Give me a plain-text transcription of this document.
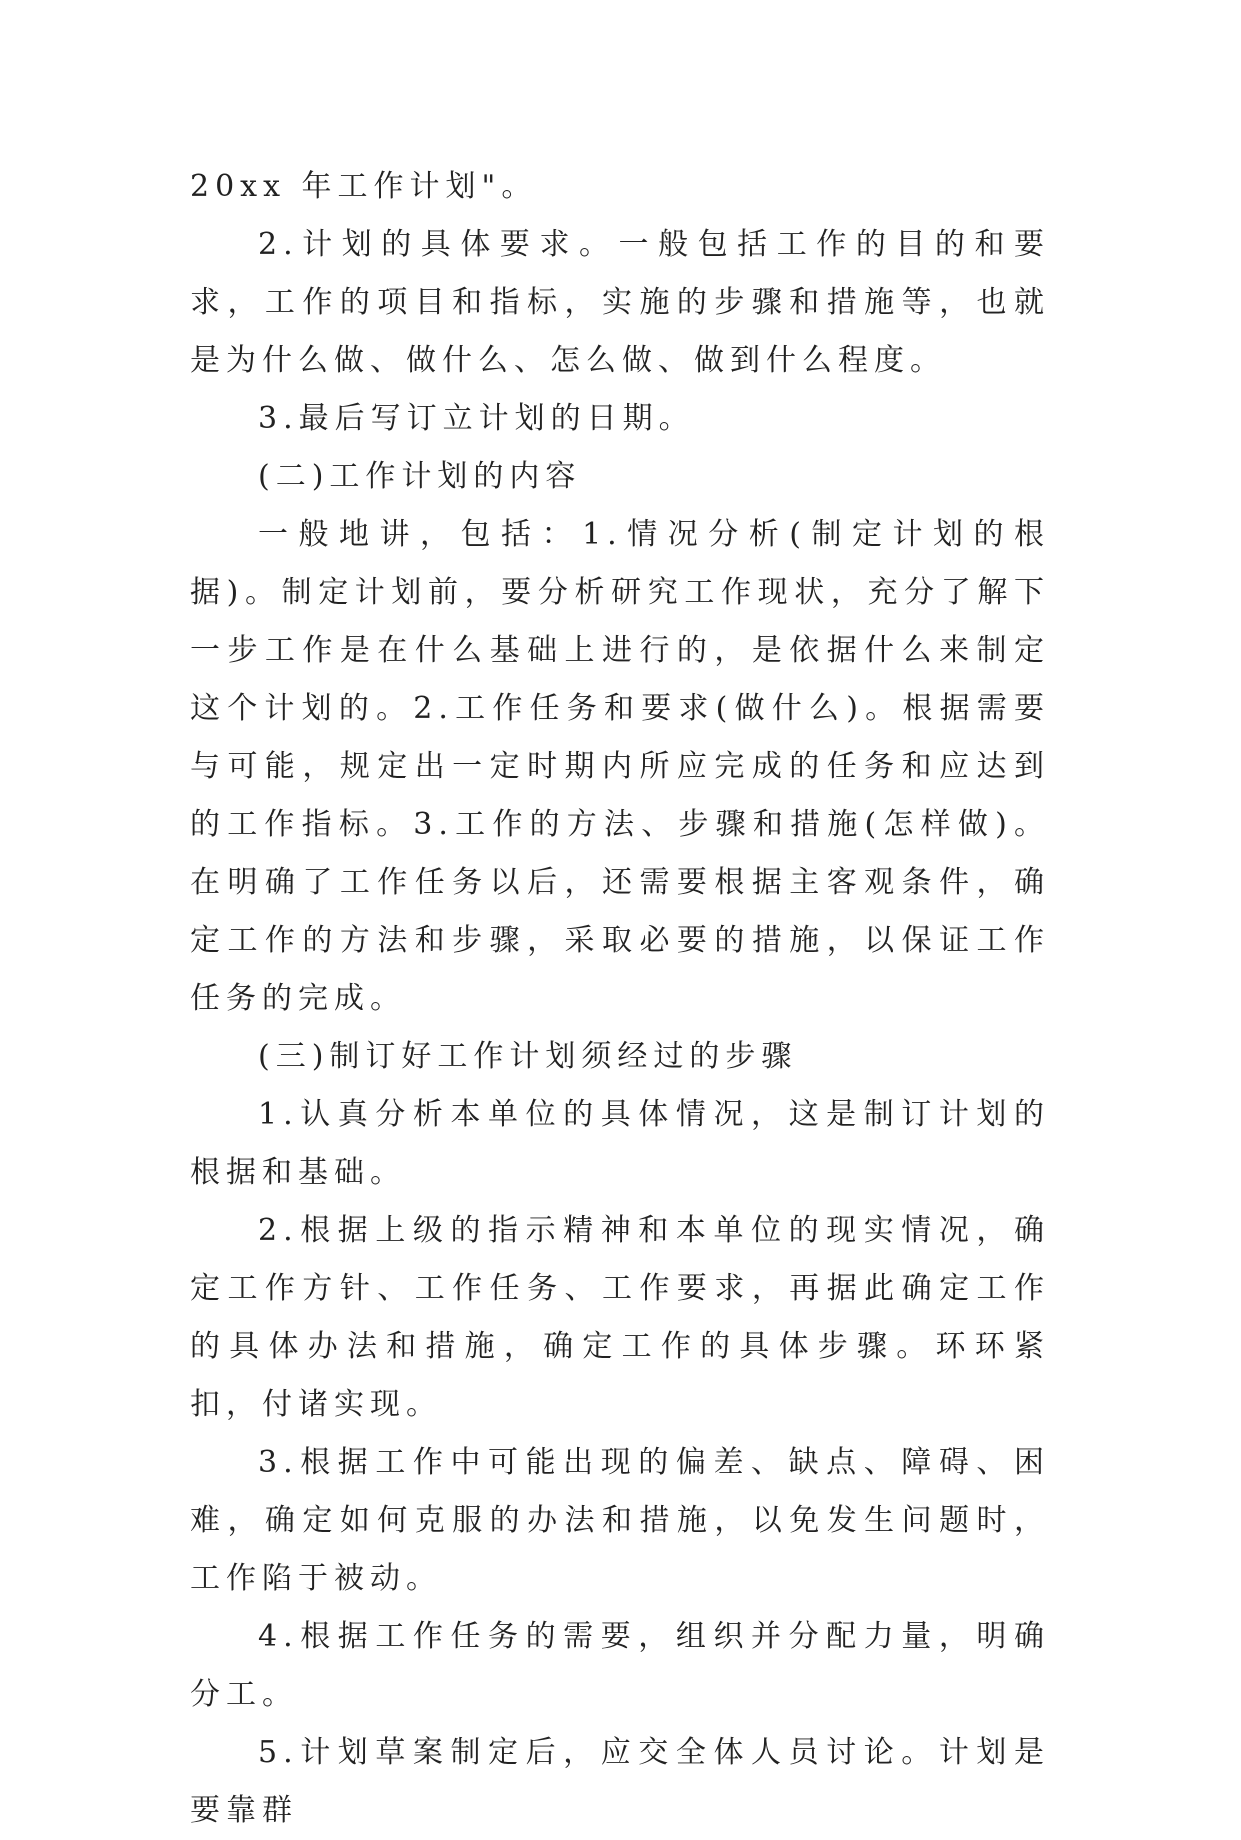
20xx 年工作计划"。

2.计划的具体要求。一般包括工作的目的和要求，工作的项目和指标，实施的步骤和措施等，也就是为什么做、做什么、怎么做、做到什么程度。

3.最后写订立计划的日期。

(二)工作计划的内容

一般地讲，包括：1.情况分析(制定计划的根据)。制定计划前，要分析研究工作现状，充分了解下一步工作是在什么基础上进行的，是依据什么来制定这个计划的。2.工作任务和要求(做什么)。根据需要与可能，规定出一定时期内所应完成的任务和应达到的工作指标。3.工作的方法、步骤和措施(怎样做)。在明确了工作任务以后，还需要根据主客观条件，确定工作的方法和步骤，采取必要的措施，以保证工作任务的完成。

(三)制订好工作计划须经过的步骤

1.认真分析本单位的具体情况，这是制订计划的根据和基础。

2.根据上级的指示精神和本单位的现实情况，确定工作方针、工作任务、工作要求，再据此确定工作的具体办法和措施，确定工作的具体步骤。环环紧扣，付诸实现。

3.根据工作中可能出现的偏差、缺点、障碍、困难，确定如何克服的办法和措施，以免发生问题时，工作陷于被动。

4.根据工作任务的需要，组织并分配力量，明确分工。

5.计划草案制定后，应交全体人员讨论。计划是要靠群
